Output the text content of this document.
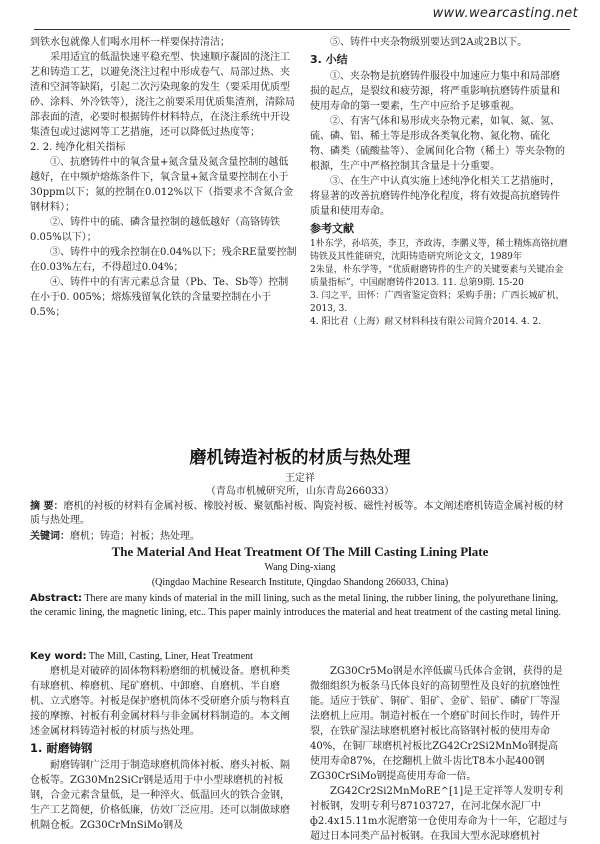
www.wearcasting.net

到铁水包就像人们喝水用杯一样要保持清洁；

采用适宜的低温快速平稳充型、快速顺序凝固的浇注工艺和铸造工艺，以避免浇注过程中形成卷气、局部过热、夹渣和空洞等缺陷，引起二次污染现象的发生（要采用优质型砂、涂料、外冷铁等），浇注之前要采用优质集渣剂，清除局部表面的渣，必要时根据铸件材料特点，在浇注系统中开设集渣包或过滤网等工艺措施，还可以降低过热度等；

2. 2. 纯净化相关指标

①、抗磨铸件中的氧含量+氮含量及氮含量控制的越低越好，在中频炉熔炼条件下，氧含量+氮含量要控制在小于30ppm以下；氮的控制在0.012%以下（指要求不含氮合金钢材料）；

②、铸件中的硫、磷含量控制的越低越好（高铬铸铁0.05%以下）；

③、铸件中的残余控制在0.04%以下；残余RE量要控制在0.03%左右，不得超过0.04%；

④、铸件中的有害元素总含量（Pb、Te、Sb等）控制在小于0. 005%；熔炼残留氧化铁的含量要控制在小于0.5%；

⑤、铸件中夹杂物级别要达到2A或2B以下。

3. 小结

①、夹杂物是抗磨铸件服役中加速应力集中和局部磨损的起点，是裂纹和疲劳源，将严重影响抗磨铸件质量和使用寿命的第一要素，生产中应给予足够重视。

②、有害气体和易形成夹杂物元素，如氧、氮、氢、硫、磷、铝、稀土等是形成各类氧化物、氮化物、硫化物、磷类（硫酸盐等）、金属间化合物（稀土）等夹杂物的根源，生产中严格控制其含量是十分重要。

③、在生产中认真实施上述纯净化相关工艺措施时，将显著的改善抗磨铸件纯净化程度，将有效提高抗磨铸件质量和使用寿命。

参考文献

1朴东学，孙培英，李卫，齐政涛，李鹏义等，稀土精炼高铬抗磨铸铁及其性能研究，沈阳铸造研究所论文文，1989年

2朱显，朴东学等，“优质耐磨铸件的生产的关键要素与关键冶金质量指标”，中国耐磨铸件2013. 11. 总第9期. 15-20

3. 闫之平，田怀：广西省鉴定资料；采购手册；广西长城矿机，2013, 3.

4. 阳比君（上海）耐又材料科技有限公司简介2014. 4. 2.

磨机铸造衬板的材质与热处理
王定祥
（青岛市机械研究所，山东青岛266033）
摘 要：磨机的衬板的材料有金属衬板、橡胶衬板、聚氨酯衬板、陶瓷衬板、磁性衬板等。本文阐述磨机铸造金属衬板的材质与热处理。
关键词：磨机；铸造；衬板；热处理。
The Material And Heat Treatment Of The Mill Casting Lining Plate
Wang Ding-xiang
(Qingdao Machine Research Institute, Qingdao Shandong 266033, China)
Abstract: There are many kinds of material in the mill lining, such as the metal lining, the rubber lining, the polyurethane lining, the ceramic lining, the magnetic lining, etc.. This paper mainly introduces the material and heat treatment of the casting metal lining.
Key word: The Mill, Casting, Liner, Heat Treatment

磨机是对破碎的固体物料粉磨细的机械设备。磨机种类有球磨机、棒磨机、尾矿磨机、中卸磨、自磨机、半自磨机、立式磨等。衬板是保护磨机筒体不受研磨介质与物料直接的摩擦、衬板有利金属材料与非金属材料制造的。本文阐述金属材料铸造衬板的材质与热处理。

1. 耐磨铸钢

耐磨铸钢广泛用于制造球磨机筒体衬板、磨头衬板、隔仓板等。ZG30Mn2SiCr钢是适用于中小型球磨机的衬板钢，合金元素含量低，是一种淬火、低温回火的铁合金钢，生产工艺简便，价格低廉，仿效厂泛应用。还可以制做球磨机隔仓板。ZG30CrMnSiMo钢及

ZG30Cr5Mo钢是水淬低碳马氏体合金钢，获得的是微细组织为板条马氏体良好的高韧塑性及良好的抗磨蚀性能。适应于铁矿、铜矿、钼矿、金矿、铅矿、磷矿厂等湿法磨机上应用。制造衬板在一个磨矿时间长作时，铸件开裂，在铁矿湿法球磨机磨衬板比高铬钢衬板的使用寿命40%，在铜厂球磨机衬板比ZG42Cr2Si2MnMo钢提高使用寿命87%，在挖翻机上做斗齿比T8本小起400钢ZG30CrSiMo钢提高使用寿命一倍。

ZG42Cr2Si2MnMoRE^[1]是王定祥等人发明专利衬板钢，发明专利号87103727，在河北保水泥厂中ф2.4x15.11m水泥磨第一仓使用寿命为十一年，它超过与超过日本同类产品衬板钢。在我国大型水泥球磨机衬
